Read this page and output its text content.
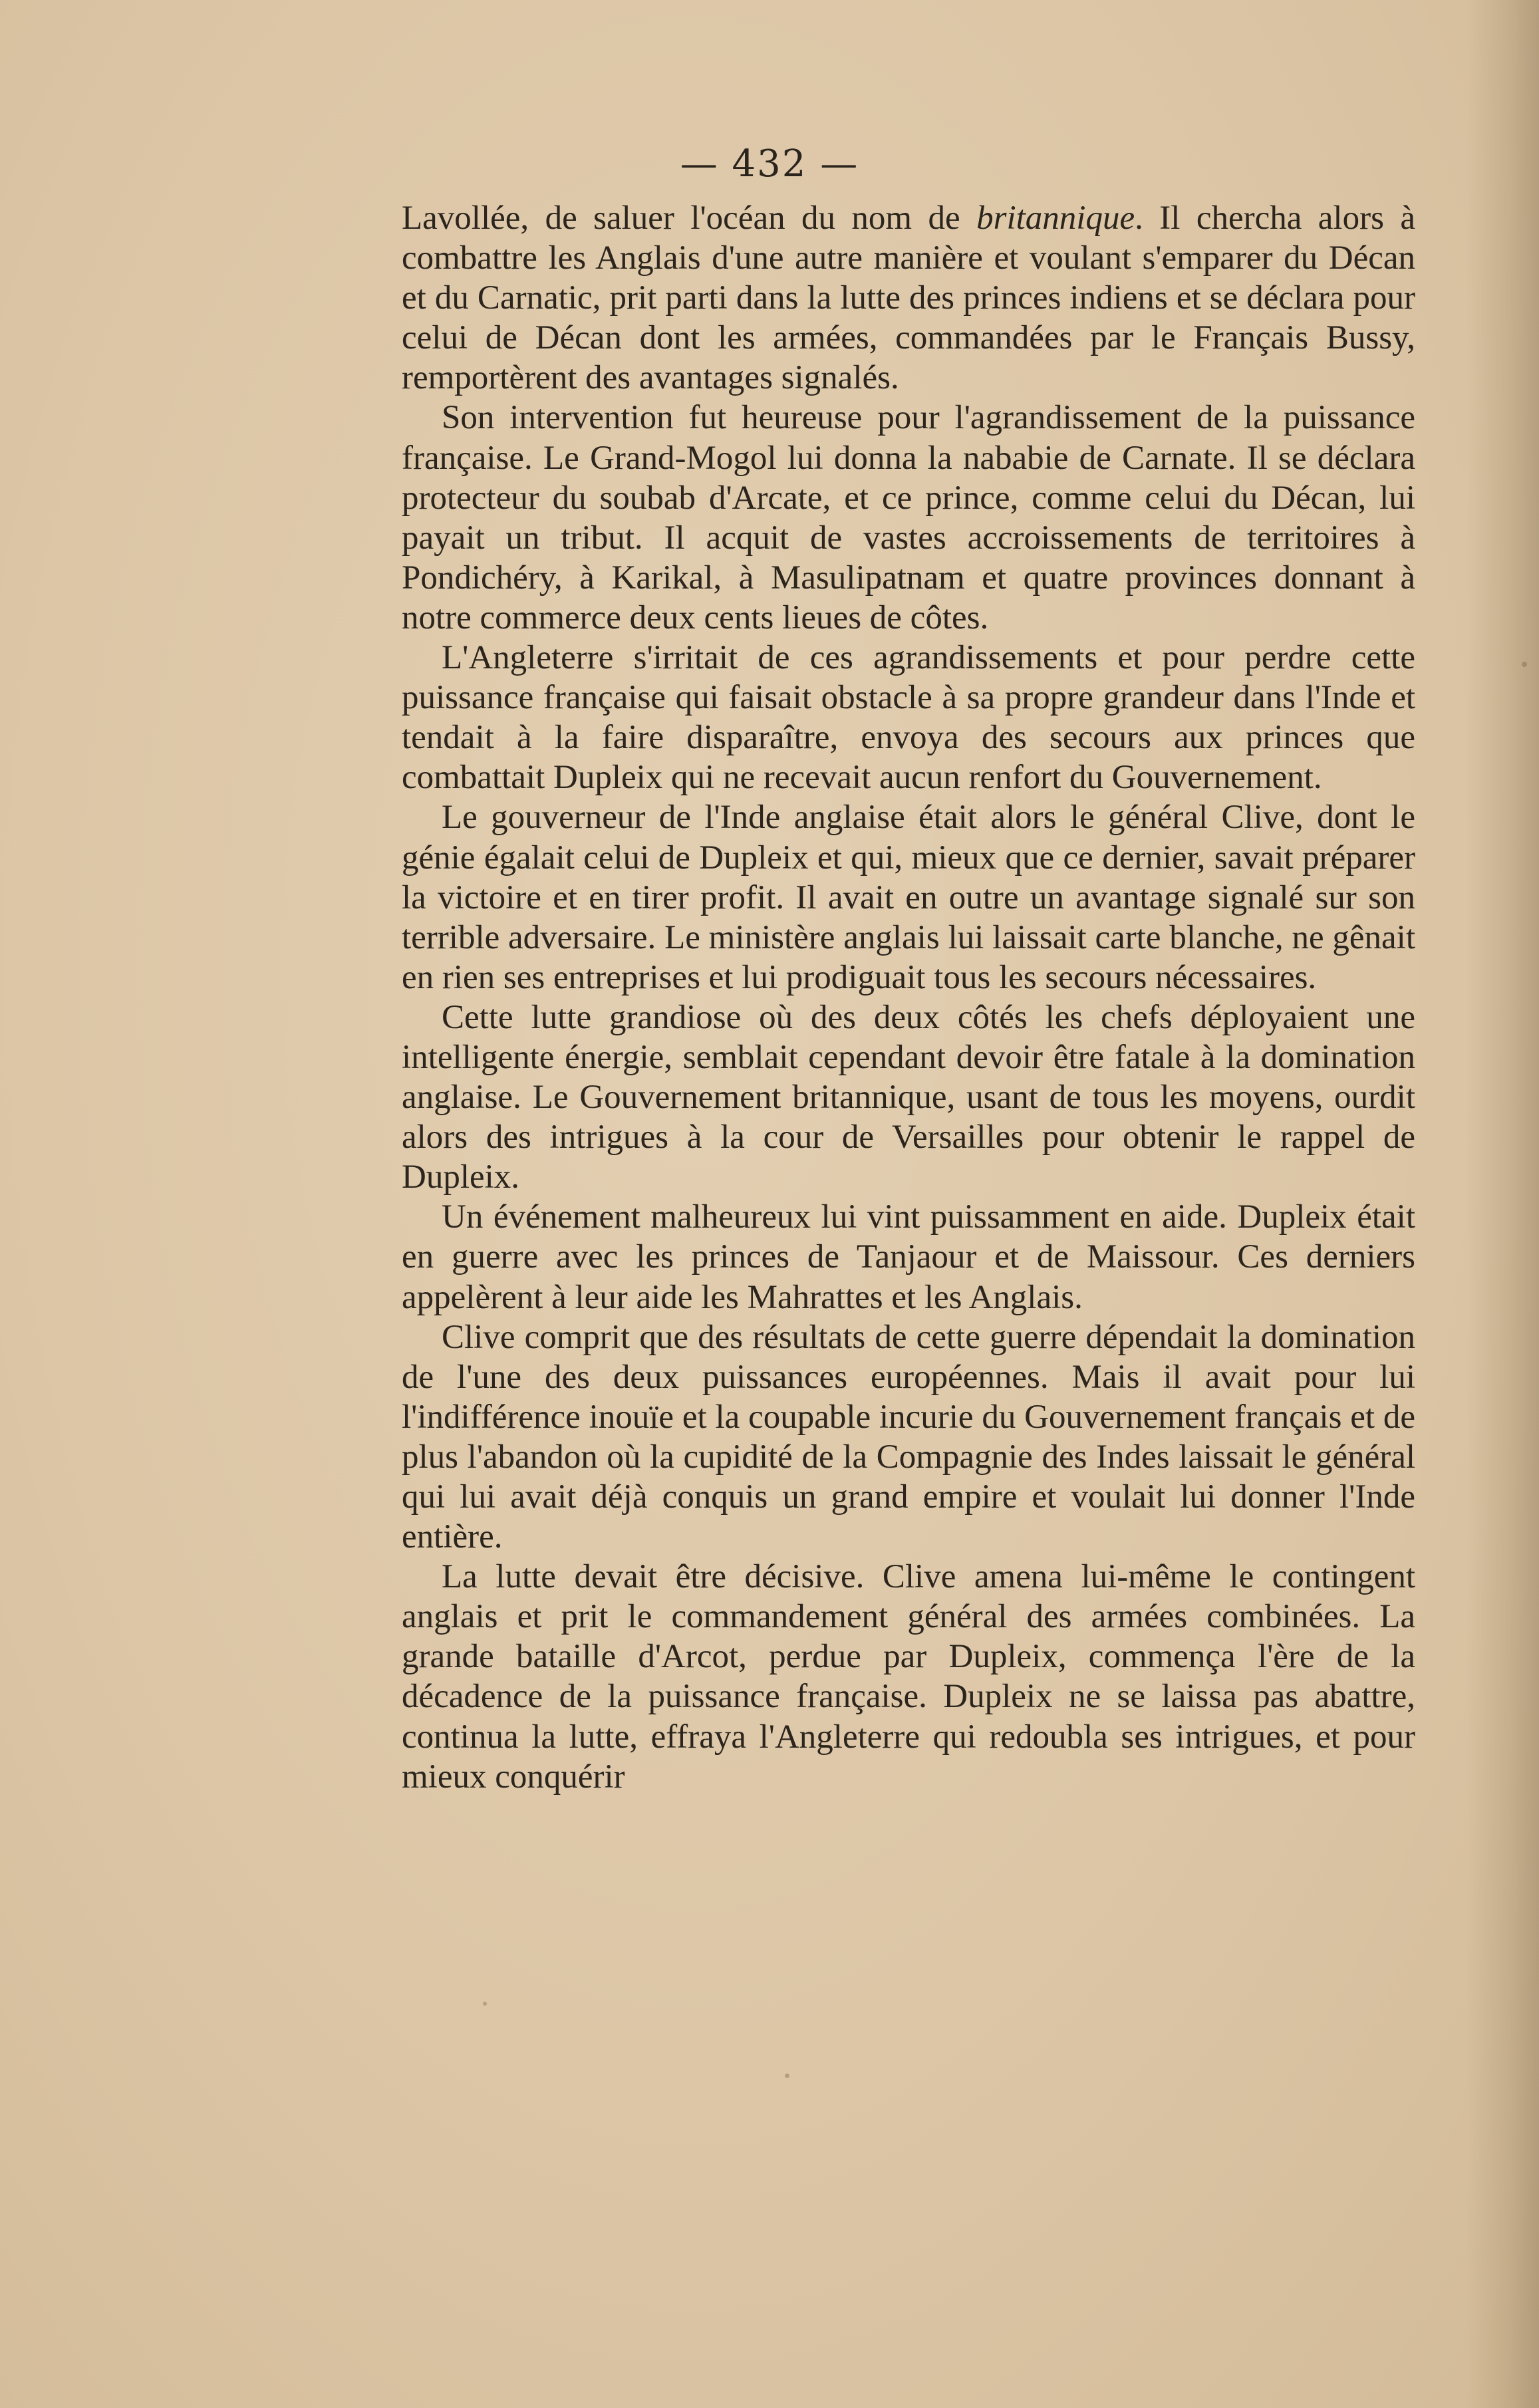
— 432 —

Lavollée, de saluer l'océan du nom de britannique. Il chercha alors à combattre les Anglais d'une autre manière et voulant s'emparer du Décan et du Carnatic, prit parti dans la lutte des princes indiens et se déclara pour celui de Décan dont les armées, commandées par le Français Bussy, remportèrent des avantages signalés.

Son intervention fut heureuse pour l'agrandissement de la puissance française. Le Grand-Mogol lui donna la nababie de Carnate. Il se déclara protecteur du soubab d'Arcate, et ce prince, comme celui du Décan, lui payait un tribut. Il acquit de vastes accroissements de territoires à Pondichéry, à Karikal, à Masulipatnam et quatre provinces donnant à notre commerce deux cents lieues de côtes.

L'Angleterre s'irritait de ces agrandissements et pour perdre cette puissance française qui faisait obstacle à sa propre grandeur dans l'Inde et tendait à la faire disparaître, envoya des secours aux princes que combattait Dupleix qui ne recevait aucun renfort du Gouvernement.

Le gouverneur de l'Inde anglaise était alors le général Clive, dont le génie égalait celui de Dupleix et qui, mieux que ce dernier, savait préparer la victoire et en tirer profit. Il avait en outre un avantage signalé sur son terrible adversaire. Le ministère anglais lui laissait carte blanche, ne gênait en rien ses entreprises et lui prodiguait tous les secours nécessaires.

Cette lutte grandiose où des deux côtés les chefs déployaient une intelligente énergie, semblait cependant devoir être fatale à la domination anglaise. Le Gouvernement britannique, usant de tous les moyens, ourdit alors des intrigues à la cour de Versailles pour obtenir le rappel de Dupleix.

Un événement malheureux lui vint puissamment en aide. Dupleix était en guerre avec les princes de Tanjaour et de Maissour. Ces derniers appelèrent à leur aide les Mahrattes et les Anglais.

Clive comprit que des résultats de cette guerre dépendait la domination de l'une des deux puissances européennes. Mais il avait pour lui l'indifférence inouïe et la coupable incurie du Gouvernement français et de plus l'abandon où la cupidité de la Compagnie des Indes laissait le général qui lui avait déjà conquis un grand empire et voulait lui donner l'Inde entière.

La lutte devait être décisive. Clive amena lui-même le contingent anglais et prit le commandement général des armées combinées. La grande bataille d'Arcot, perdue par Dupleix, commença l'ère de la décadence de la puissance française. Dupleix ne se laissa pas abattre, continua la lutte, effraya l'Angleterre qui redoubla ses intrigues, et pour mieux conquérir
